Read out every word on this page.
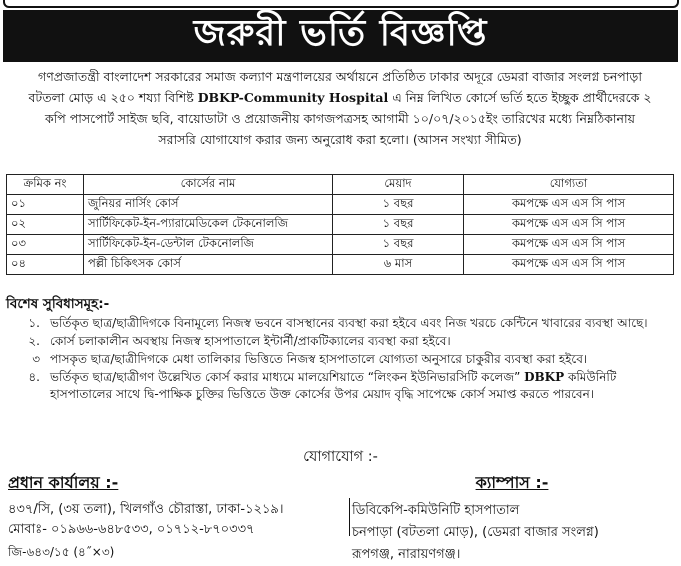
জরুরী ভর্তি বিজ্ঞপ্তি
গণপ্রজাতন্ত্রী বাংলাদেশ সরকারের সমাজ কল্যাণ মন্ত্রণালয়ের অর্থায়নে প্রতিষ্ঠিত ঢাকার অদূরে ডেমরা বাজার সংলগ্ন চনপাড়া
বটতলা মোড় এ ২৫০ শয্যা বিশিষ্ট DBKP-Community Hospital এ নিম্ন লিখিত কোর্সে ভর্তি হতে ইচ্ছুক প্রার্থীদেরকে ২
কপি পাসপোর্ট সাইজ ছবি, বায়োডাটা ও প্রয়োজনীয় কাগজপত্রসহ আগামী ১০/০৭/২০১৫ইং তারিখের মধ্যে নিম্নঠিকানায়
সরাসরি যোগাযোগ করার জন্য অনুরোধ করা হলো। (আসন সংখ্যা সীমিত)
ক্রমিক নং	কোর্সের নাম	মেয়াদ	যোগ্যতা
০১	জুনিয়র নার্সিং কোর্স	১ বছর	কমপক্ষে এস এস সি পাস
০২	সার্টিফিকেট-ইন-প্যারামেডিকেল টেকনোলজি	১ বছর	কমপক্ষে এস এস সি পাস
০৩	সার্টিফিকেট-ইন-ডেন্টাল টেকনোলজি	১ বছর	কমপক্ষে এস এস সি পাস
০৪	পল্লী চিকিৎসক কোর্স	৬ মাস	কমপক্ষে এস এস সি পাস
বিশেষ সুবিধাসমূহ:-
১. ভর্তিকৃত ছাত্র/ছাত্রীদিগকে বিনামূল্যে নিজস্ব ভবনে বাসস্থানের ব্যবস্থা করা হইবে এবং নিজ খরচে কেন্টিনে খাবারের ব্যবস্থা আছে।
২. কোর্স চলাকালীন অবস্থায় নিজস্ব হাসপাতালে ইন্টার্নী/প্রাকটিক্যালের ব্যবস্থা করা হইবে।
৩ পাসকৃত ছাত্র/ছাত্রীদিগকে মেধা তালিকার ভিত্তিতে নিজস্ব হাসপাতালে যোগ্যতা অনুসারে চাকুরীর ব্যবস্থা করা হইবে।
৪. ভর্তিকৃত ছাত্র/ছাত্রীগণ উল্লেখিত কোর্স করার মাধ্যমে মালয়েশিয়াতে “লিংকন ইউনিভারসিটি কলেজ” DBKP কমিউনিটি হাসপাতালের সাথে দ্বি-পাক্ষিক চুক্তির ভিত্তিতে উক্ত কোর্সের উপর মেয়াদ বৃদ্ধি সাপেক্ষে কোর্স সমাপ্ত করতে পারবেন।
যোগাযোগ :-
প্রধান কার্যালয় :-
৪৩৭/সি, (৩য় তলা), খিলগাঁও চৌরাস্তা, ঢাকা-১২১৯।
মোবাঃ- ০১৯৬৬-৬৪৮৫৩৩, ০১৭১২-৮৭০৩৩৭
ক্যাম্পাস :-
ডিবিকেপি-কমিউনিটি হাসপাতাল
চনপাড়া (বটতলা মোড়), (ডেমরা বাজার সংলগ্ন)
রূপগঞ্জ, নারায়ণগঞ্জ।
জি-৬৪৩/১৫ (৪˝×৩)
